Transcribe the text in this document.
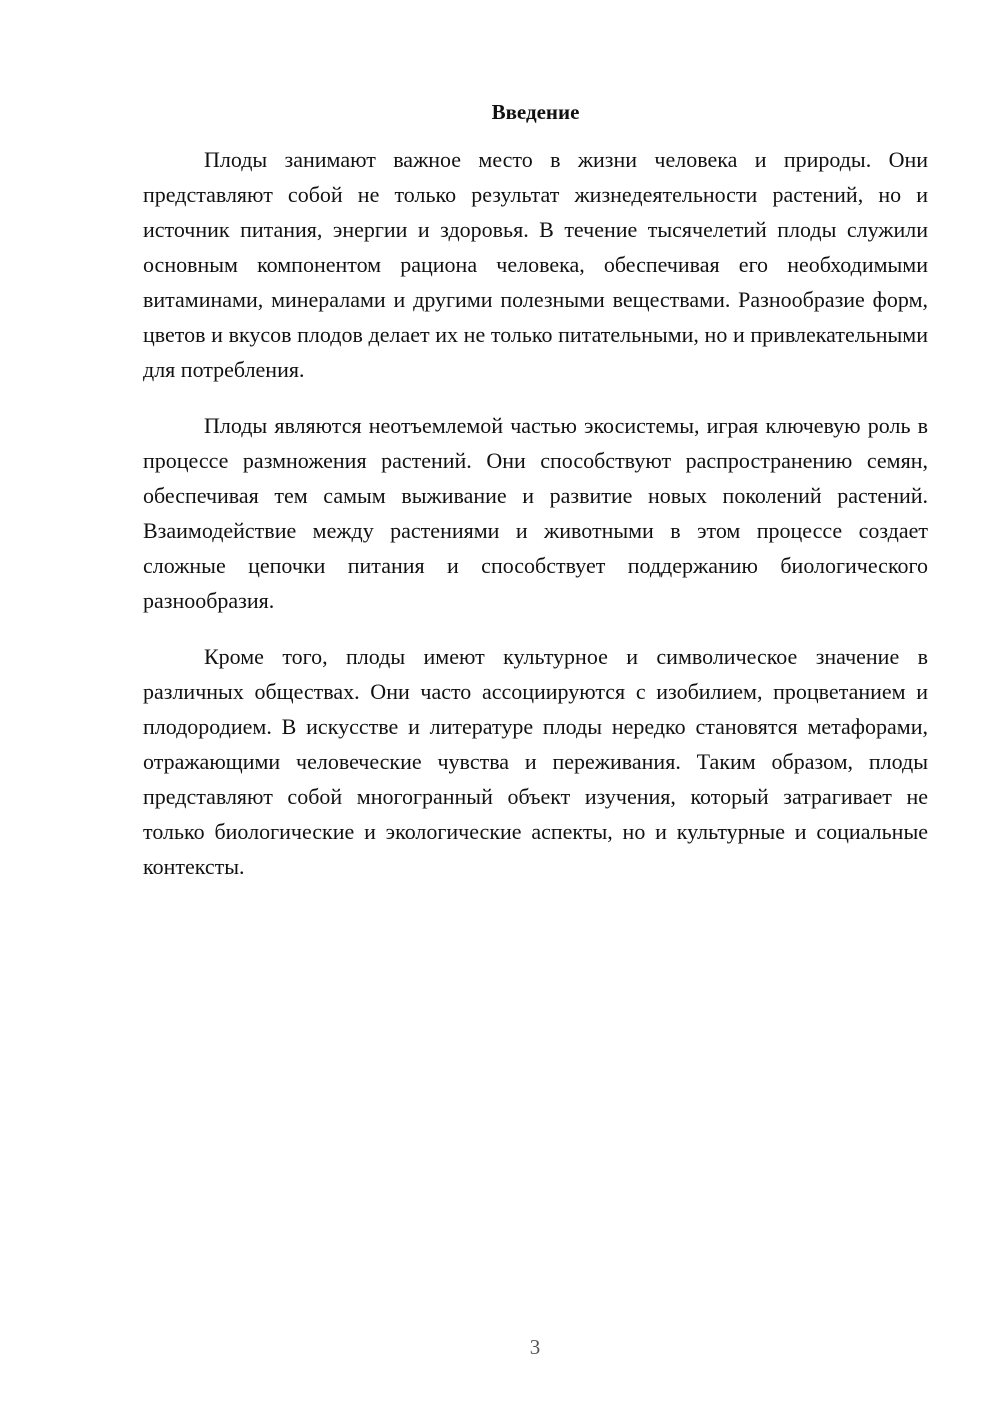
Введение

Плоды занимают важное место в жизни человека и природы. Они представляют собой не только результат жизнедеятельности растений, но и источник питания, энергии и здоровья. В течение тысячелетий плоды служили основным компонентом рациона человека, обеспечивая его необходимыми витаминами, минералами и другими полезными веществами. Разнообразие форм, цветов и вкусов плодов делает их не только питательными, но и привлекательными для потребления.

Плоды являются неотъемлемой частью экосистемы, играя ключевую роль в процессе размножения растений. Они способствуют распространению семян, обеспечивая тем самым выживание и развитие новых поколений растений. Взаимодействие между растениями и животными в этом процессе создает сложные цепочки питания и способствует поддержанию биологического разнообразия.

Кроме того, плоды имеют культурное и символическое значение в различных обществах. Они часто ассоциируются с изобилием, процветанием и плодородием. В искусстве и литературе плоды нередко становятся метафорами, отражающими человеческие чувства и переживания. Таким образом, плоды представляют собой многогранный объект изучения, который затрагивает не только биологические и экологические аспекты, но и культурные и социальные контексты.

3
